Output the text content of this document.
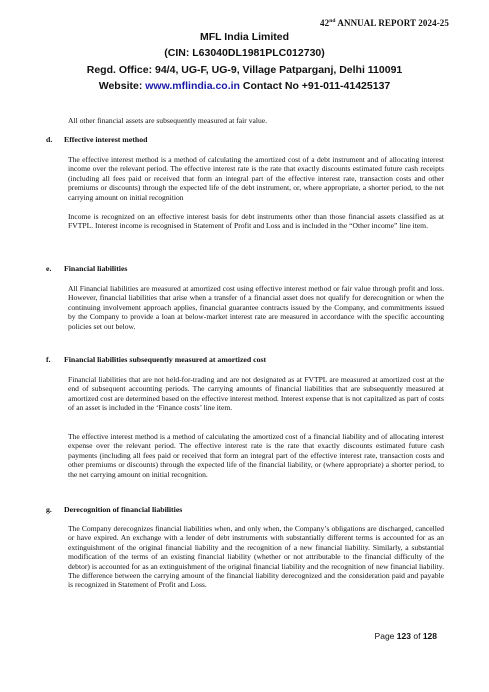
42nd ANNUAL REPORT 2024-25
MFL India Limited
(CIN: L63040DL1981PLC012730)
Regd. Office: 94/4, UG-F, UG-9, Village Patparganj, Delhi 110091
Website: www.mflindia.co.in Contact No +91-011-41425137

All other financial assets are subsequently measured at fair value.

d. Effective interest method

The effective interest method is a method of calculating the amortized cost of a debt instrument and of allocating interest income over the relevant period. The effective interest rate is the rate that exactly discounts estimated future cash receipts (including all fees paid or received that form an integral part of the effective interest rate, transaction costs and other premiums or discounts) through the expected life of the debt instrument, or, where appropriate, a shorter period, to the net carrying amount on initial recognition

Income is recognized on an effective interest basis for debt instruments other than those financial assets classified as at FVTPL. Interest income is recognised in Statement of Profit and Loss and is included in the “Other income” line item.

e. Financial liabilities

All Financial liabilities are measured at amortized cost using effective interest method or fair value through profit and loss. However, financial liabilities that arise when a transfer of a financial asset does not qualify for derecognition or when the continuing involvement approach applies, financial guarantee contracts issued by the Company, and commitments issued by the Company to provide a loan at below-market interest rate are measured in accordance with the specific accounting policies set out below.

f. Financial liabilities subsequently measured at amortized cost

Financial liabilities that are not held-for-trading and are not designated as at FVTPL are measured at amortized cost at the end of subsequent accounting periods. The carrying amounts of financial liabilities that are subsequently measured at amortized cost are determined based on the effective interest method. Interest expense that is not capitalized as part of costs of an asset is included in the ‘Finance costs’ line item.

The effective interest method is a method of calculating the amortized cost of a financial liability and of allocating interest expense over the relevant period. The effective interest rate is the rate that exactly discounts estimated future cash payments (including all fees paid or received that form an integral part of the effective interest rate, transaction costs and other premiums or discounts) through the expected life of the financial liability, or (where appropriate) a shorter period, to the net carrying amount on initial recognition.

g. Derecognition of financial liabilities

The Company derecognizes financial liabilities when, and only when, the Company’s obligations are discharged, cancelled or have expired. An exchange with a lender of debt instruments with substantially different terms is accounted for as an extinguishment of the original financial liability and the recognition of a new financial liability. Similarly, a substantial modification of the terms of an existing financial liability (whether or not attributable to the financial difficulty of the debtor) is accounted for as an extinguishment of the original financial liability and the recognition of new financial liability. The difference between the carrying amount of the financial liability derecognized and the consideration paid and payable is recognized in Statement of Profit and Loss.

Page 123 of 128
